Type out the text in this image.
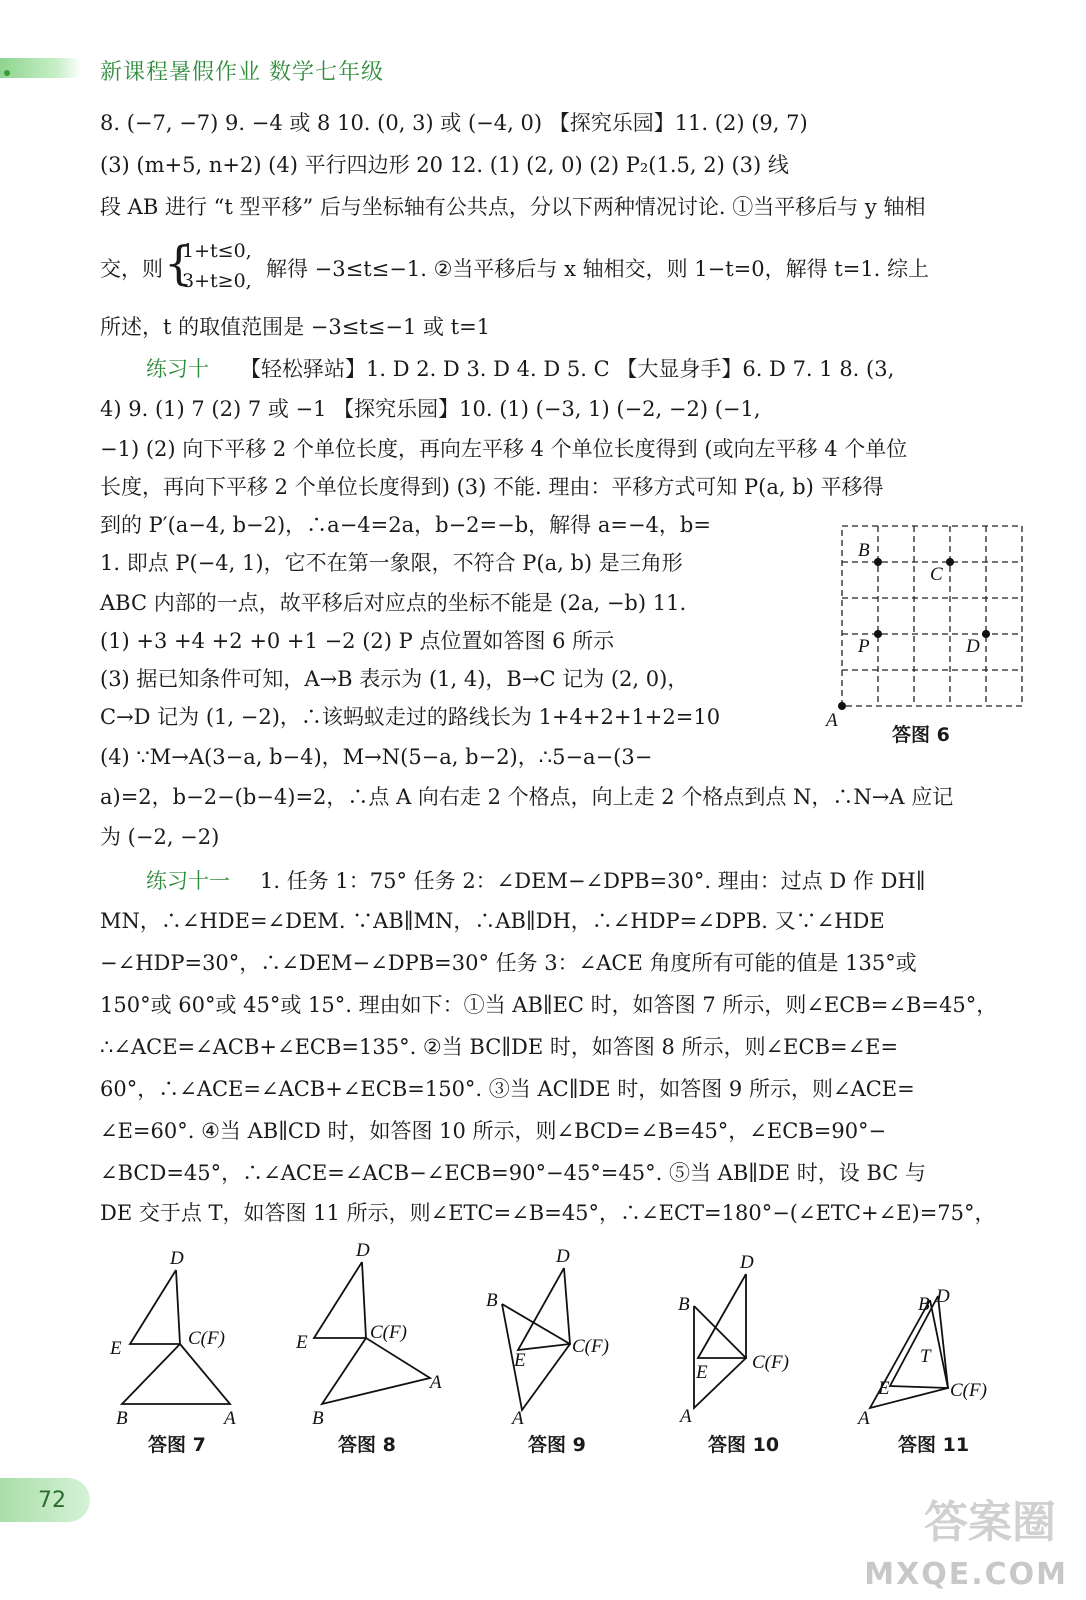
新课程暑假作业 数学七年级
8. (−7, −7) 9. −4 或 8 10. (0, 3) 或 (−4, 0) 【探究乐园】11. (2) (9, 7)
(3) (m+5, n+2) (4) 平行四边形 20 12. (1) (2, 0) (2) P₂(1.5, 2) (3) 线
段 AB 进行 “t 型平移” 后与坐标轴有公共点，分以下两种情况讨论. ①当平移后与 y 轴相
交，则 {
1+t≤0,
3+t≥0, 解得 −3≤t≤−1. ②当平移后与 x 轴相交，则 1−t=0，解得 t=1. 综上
所述，t 的取值范围是 −3≤t≤−1 或 t=1
练习十 【轻松驿站】1. D 2. D 3. D 4. D 5. C 【大显身手】6. D 7. 1 8. (3,
4) 9. (1) 7 (2) 7 或 −1 【探究乐园】10. (1) (−3, 1) (−2, −2) (−1,
−1) (2) 向下平移 2 个单位长度，再向左平移 4 个单位长度得到 (或向左平移 4 个单位
长度，再向下平移 2 个单位长度得到) (3) 不能. 理由：平移方式可知 P(a, b) 平移得
到的 P′(a−4, b−2)，∴a−4=2a，b−2=−b，解得 a=−4，b=
1. 即点 P(−4, 1)，它不在第一象限，不符合 P(a, b) 是三角形
ABC 内部的一点，故平移后对应点的坐标不能是 (2a, −b) 11.
(1) +3 +4 +2 +0 +1 −2 (2) P 点位置如答图 6 所示
(3) 据已知条件可知，A→B 表示为 (1, 4)，B→C 记为 (2, 0)，
C→D 记为 (1, −2)，∴该蚂蚁走过的路线长为 1+4+2+1+2=10
(4) ∵M→A(3−a, b−4)，M→N(5−a, b−2)，∴5−a−(3−
a)=2，b−2−(b−4)=2，∴点 A 向右走 2 个格点，向上走 2 个格点到点 N，∴N→A 应记
为 (−2, −2)
练习十一 1. 任务 1：75° 任务 2：∠DEM−∠DPB=30°. 理由：过点 D 作 DH∥
MN，∴∠HDE=∠DEM. ∵AB∥MN，∴AB∥DH，∴∠HDP=∠DPB. 又∵∠HDE
−∠HDP=30°，∴∠DEM−∠DPB=30° 任务 3：∠ACE 角度所有可能的值是 135°或
150°或 60°或 45°或 15°. 理由如下：①当 AB∥EC 时，如答图 7 所示，则∠ECB=∠B=45°，
∴∠ACE=∠ACB+∠ECB=135°. ②当 BC∥DE 时，如答图 8 所示，则∠ECB=∠E=
60°，∴∠ACE=∠ACB+∠ECB=150°. ③当 AC∥DE 时，如答图 9 所示，则∠ACE=
∠E=60°. ④当 AB∥CD 时，如答图 10 所示，则∠BCD=∠B=45°，∠ECB=90°−
∠BCD=45°，∴∠ACE=∠ACB−∠ECB=90°−45°=45°. ⑤当 AB∥DE 时，设 BC 与
DE 交于点 T，如答图 11 所示，则∠ETC=∠B=45°，∴∠ECT=180°−(∠ETC+∠E)=75°，
B
C
P	D
A
答图 6
D
E	C(F)
B	A
D
E	C(F)
B
A
D
B
E
C(F)
A
D
B
E C(F)
A
B D
T
E	C(F)
A
答图 7	答图 8	答图 9	答图 10	答图 11
72	答案圈
MXQE.COM
